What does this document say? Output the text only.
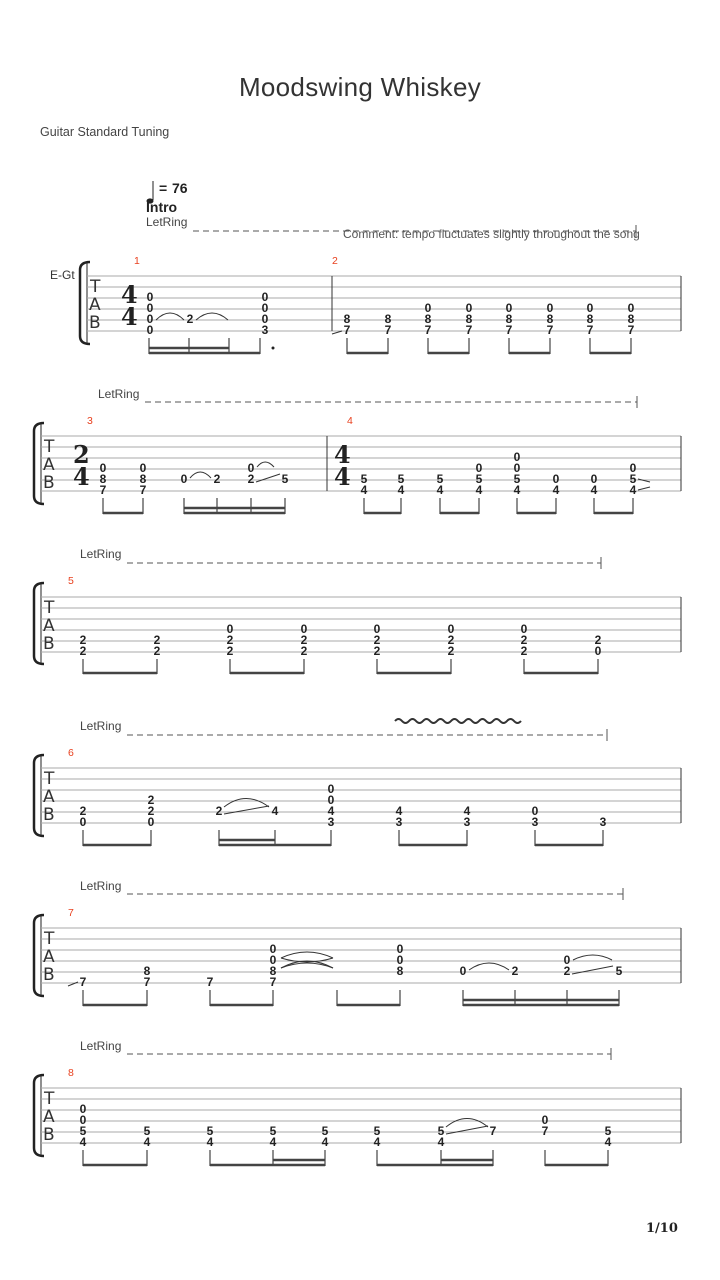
Moodswing Whiskey
Guitar Standard Tuning
= 76
Intro
Comment: tempo fluctuates slightly throughout the song
E-Gt
LetRing
LetRing
LetRing
LetRing
LetRing
LetRing
T
A
B
4
4
1	2
0
0
0
0
2
0
0
0
3
8
7
8
7
0
8
7
0
8
7
0
8
7
0
8
7
0
8
7
0
8
7
T
A
B
2
4
4
4
3	4
0
8
7
0
8
7
0 2
0
2 5	5
4
5
4
5
4
0
5
4
0
0
5
4
0
4
0
4
0
5
4
T
A
B
5
2
2
2
2
0
2
2
0
2
2
0
2
2
0
2
2
0
2
2
2
0
T
A
B
6
2
0
2
2
0
2	4
0
0
4
3
4
3
4
3
0
3	3
T
A
B
7
7
8
7	7
0
0
8
7
0
0
8	0	2
0
2	5
T
A
B
8
0
0
5
4
5
4
5
4
5
4
5
4
5
4
5
4
7
0
7	5
4
1/10
